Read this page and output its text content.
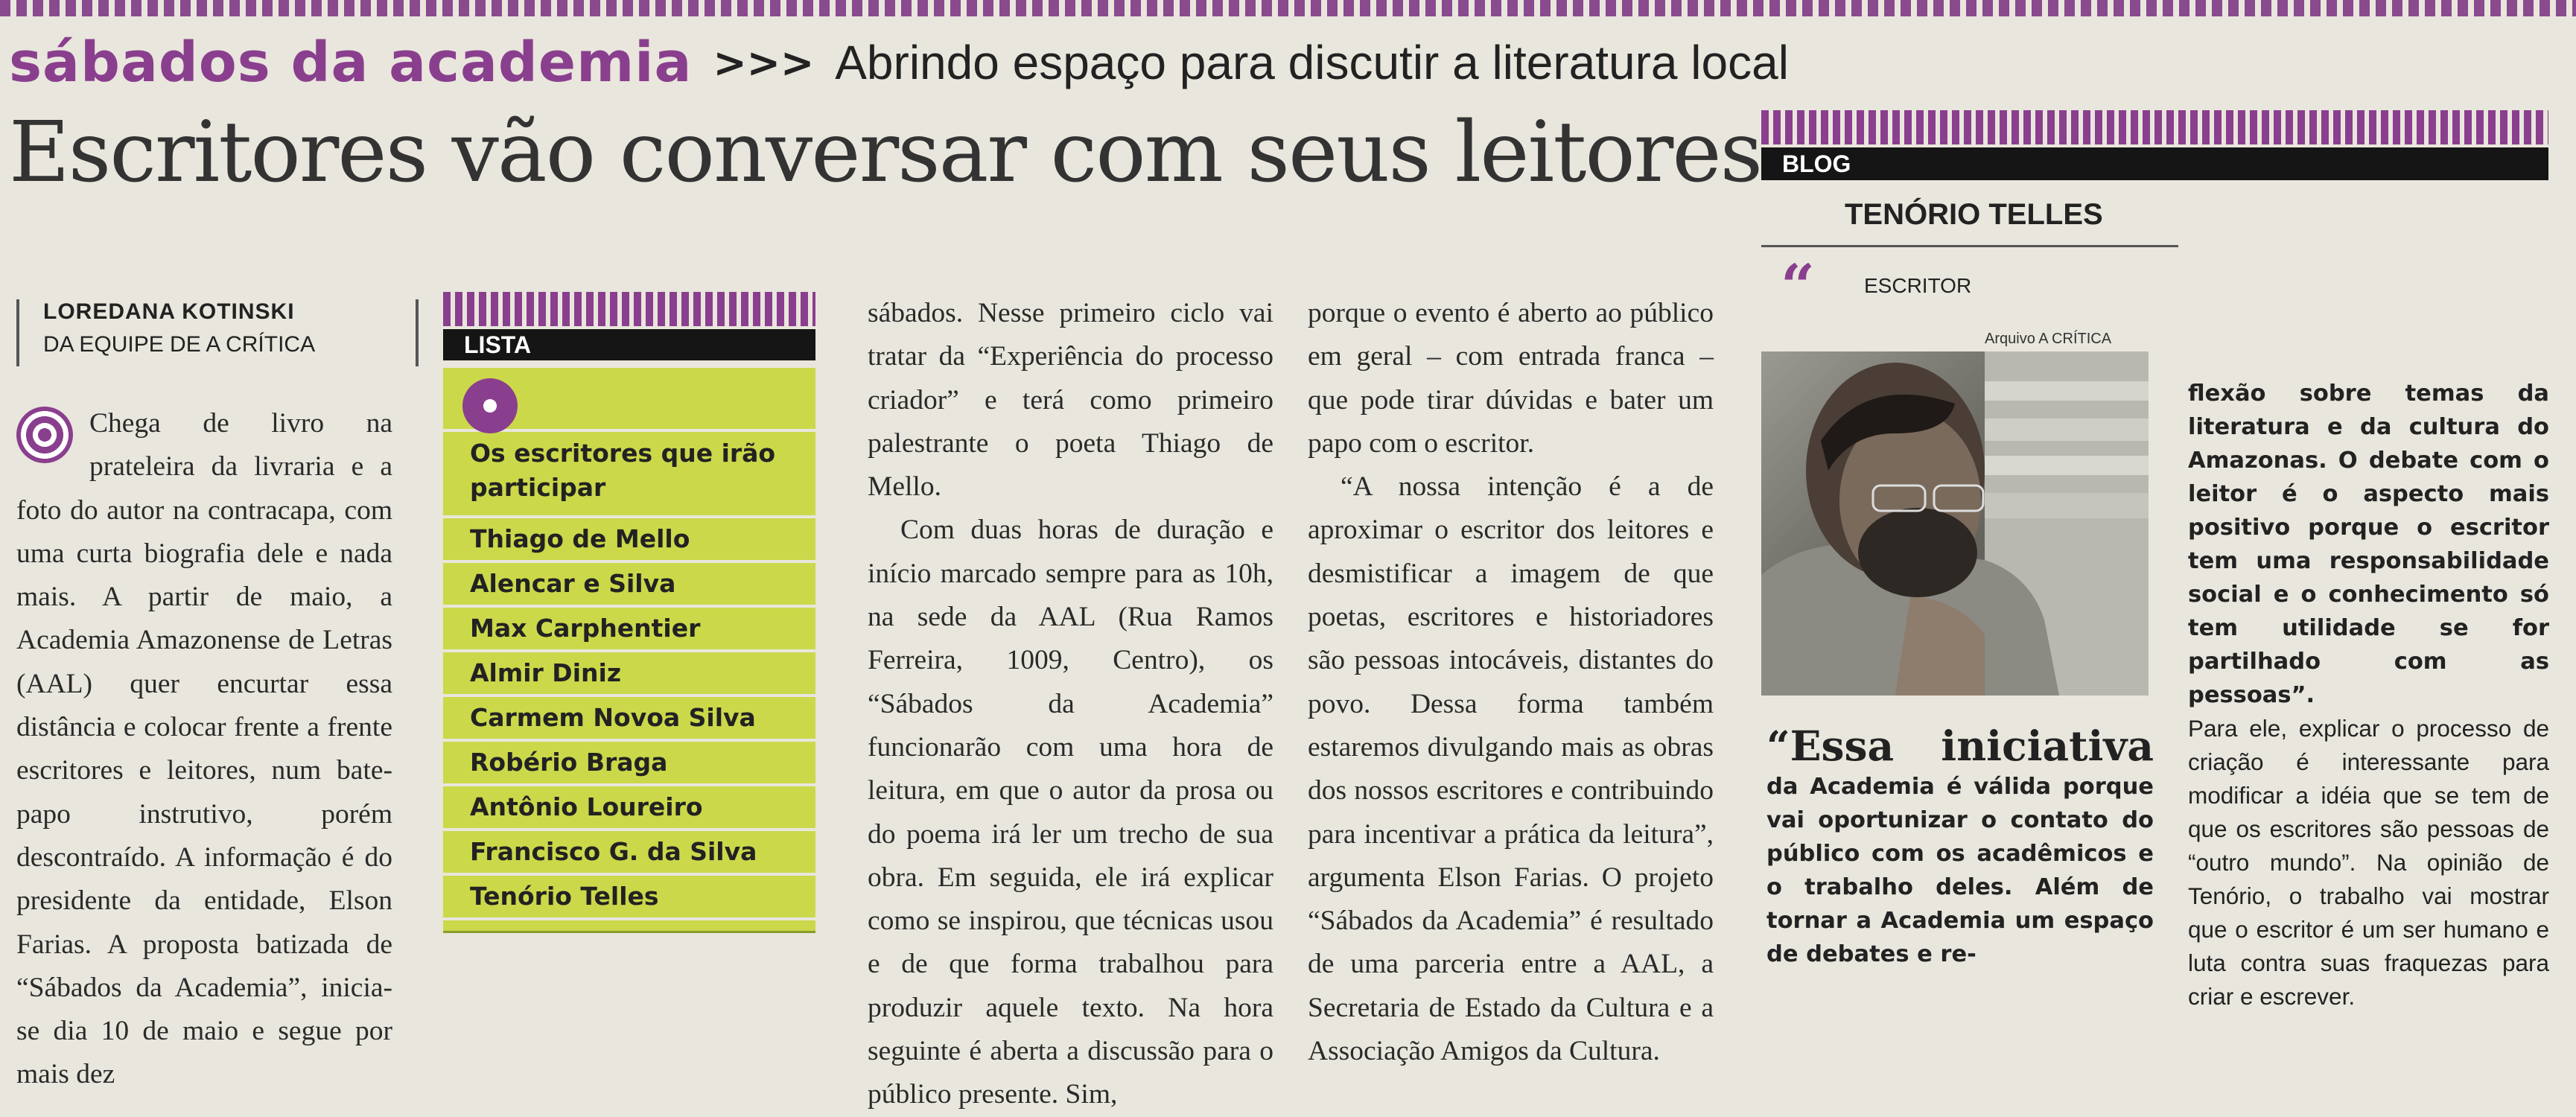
sábados da academia >>> Abrindo espaço para discutir a literatura local
Escritores vão conversar com seus leitores
LOREDANA KOTINSKI
DA EQUIPE DE A CRÍTICA

Chega de livro na prateleira da livraria e a foto do autor na contracapa, com uma curta biografia dele e nada mais. A partir de maio, a Academia Amazonense de Letras (AAL) quer encurtar essa distância e colocar frente a frente escritores e leitores, num bate-papo instrutivo, porém descontraído. A informação é do presidente da entidade, Elson Farias. A proposta batizada de “Sábados da Academia”, inicia-se dia 10 de maio e segue por mais dez

LISTA
Os escritores que irão participar
Thiago de Mello
Alencar e Silva
Max Carphentier
Almir Diniz
Carmem Novoa Silva
Robério Braga
Antônio Loureiro
Francisco G. da Silva
Tenório Telles

sábados. Nesse primeiro ciclo vai tratar da “Experiência do processo criador” e terá como primeiro palestrante o poeta Thiago de Mello.

Com duas horas de duração e início marcado sempre para as 10h, na sede da AAL (Rua Ramos Ferreira, 1009, Centro), os “Sábados da Academia” funcionarão com uma hora de leitura, em que o autor da prosa ou do poema irá ler um trecho de sua obra. Em seguida, ele irá explicar como se inspirou, que técnicas usou e de que forma trabalhou para produzir aquele texto. Na hora seguinte é aberta a discussão para o público presente. Sim,

porque o evento é aberto ao público em geral – com entrada franca – que pode tirar dúvidas e bater um papo com o escritor.

“A nossa intenção é a de aproximar o escritor dos leitores e desmistificar a imagem de que poetas, escritores e historiadores são pessoas intocáveis, distantes do povo. Dessa forma também estaremos divulgando mais as obras dos nossos escritores e contribuindo para incentivar a prática da leitura”, argumenta Elson Farias. O projeto “Sábados da Academia” é resultado de uma parceria entre a AAL, a Secretaria de Estado da Cultura e a Associação Amigos da Cultura.

BLOG
TENÓRIO TELLES
“	ESCRITOR
Arquivo A CRÍTICA
“Essa iniciativa da Academia é válida porque vai oportunizar o contato do público com os acadêmicos e o trabalho deles. Além de tornar a Academia um espaço de debates e re-

flexão sobre temas da literatura e da cultura do Amazonas. O debate com o leitor é o aspecto mais positivo porque o escritor tem uma responsabilidade social e o conhecimento só tem utilidade se for partilhado com as pessoas”.

Para ele, explicar o processo de criação é interessante para modificar a idéia que se tem de que os escritores são pessoas de “outro mundo”. Na opinião de Tenório, o trabalho vai mostrar que o escritor é um ser humano e luta contra suas fraquezas para criar e escrever.
